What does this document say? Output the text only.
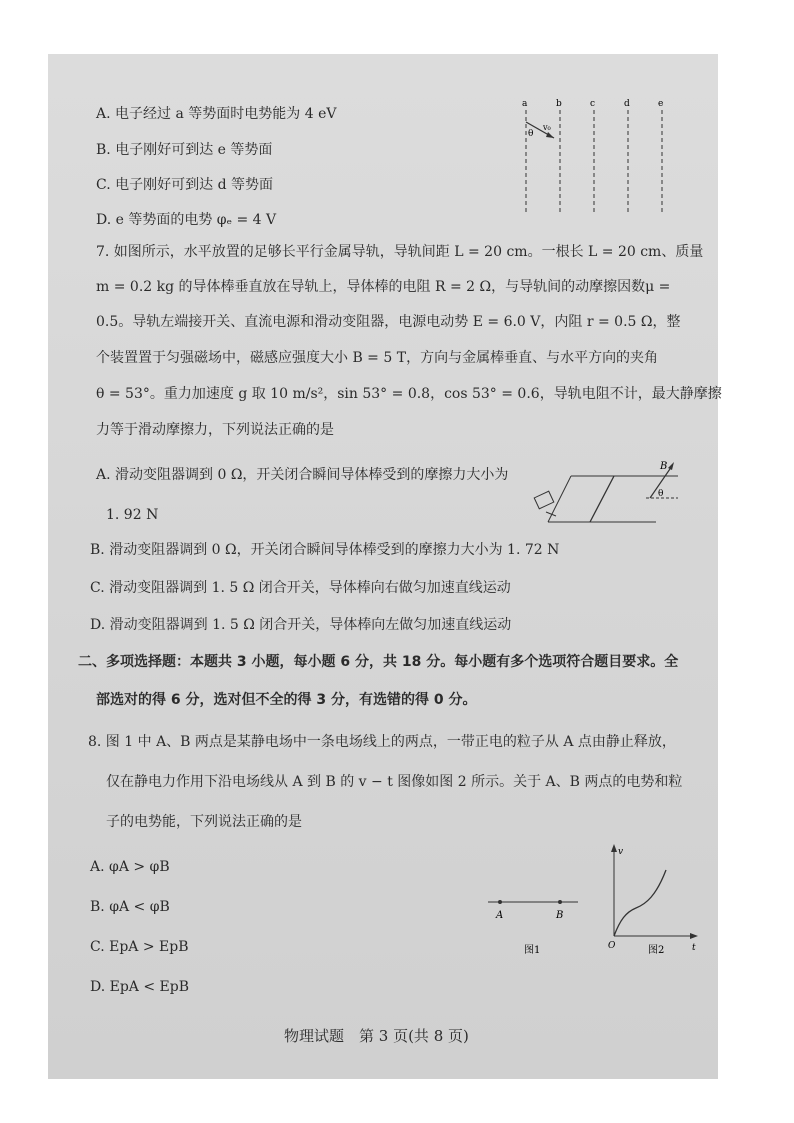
A. 电子经过 a 等势面时电势能为 4 eV
B. 电子刚好可到达 e 等势面
C. 电子刚好可到达 d 等势面
D. e 等势面的电势 φₑ = 4 V
a	b	c	d	e
θ
v₀
7. 如图所示，水平放置的足够长平行金属导轨，导轨间距 L = 20 cm。一根长 L = 20 cm、质量
m = 0.2 kg 的导体棒垂直放在导轨上，导体棒的电阻 R = 2 Ω，与导轨间的动摩擦因数μ =
0.5。导轨左端接开关、直流电源和滑动变阻器，电源电动势 E = 6.0 V，内阻 r = 0.5 Ω，整
个装置置于匀强磁场中，磁感应强度大小 B = 5 T，方向与金属棒垂直、与水平方向的夹角
θ = 53°。重力加速度 g 取 10 m/s²，sin 53° = 0.8，cos 53° = 0.6，导轨电阻不计，最大静摩擦
力等于滑动摩擦力，下列说法正确的是
A. 滑动变阻器调到 0 Ω，开关闭合瞬间导体棒受到的摩擦力大小为
1. 92 N
B
θ
B. 滑动变阻器调到 0 Ω，开关闭合瞬间导体棒受到的摩擦力大小为 1. 72 N
C. 滑动变阻器调到 1. 5 Ω 闭合开关，导体棒向右做匀加速直线运动
D. 滑动变阻器调到 1. 5 Ω 闭合开关，导体棒向左做匀加速直线运动
二、多项选择题：本题共 3 小题，每小题 6 分，共 18 分。每小题有多个选项符合题目要求。全
部选对的得 6 分，选对但不全的得 3 分，有选错的得 0 分。
8. 图 1 中 A、B 两点是某静电场中一条电场线上的两点，一带正电的粒子从 A 点由静止释放，
仅在静电力作用下沿电场线从 A 到 B 的 v − t 图像如图 2 所示。关于 A、B 两点的电势和粒
子的电势能，下列说法正确的是
A. φA > φB
B. φA < φB
C. EpA > EpB
D. EpA < EpB
A	B
图1
v
t
O	图2
物理试题　第 3 页(共 8 页)
